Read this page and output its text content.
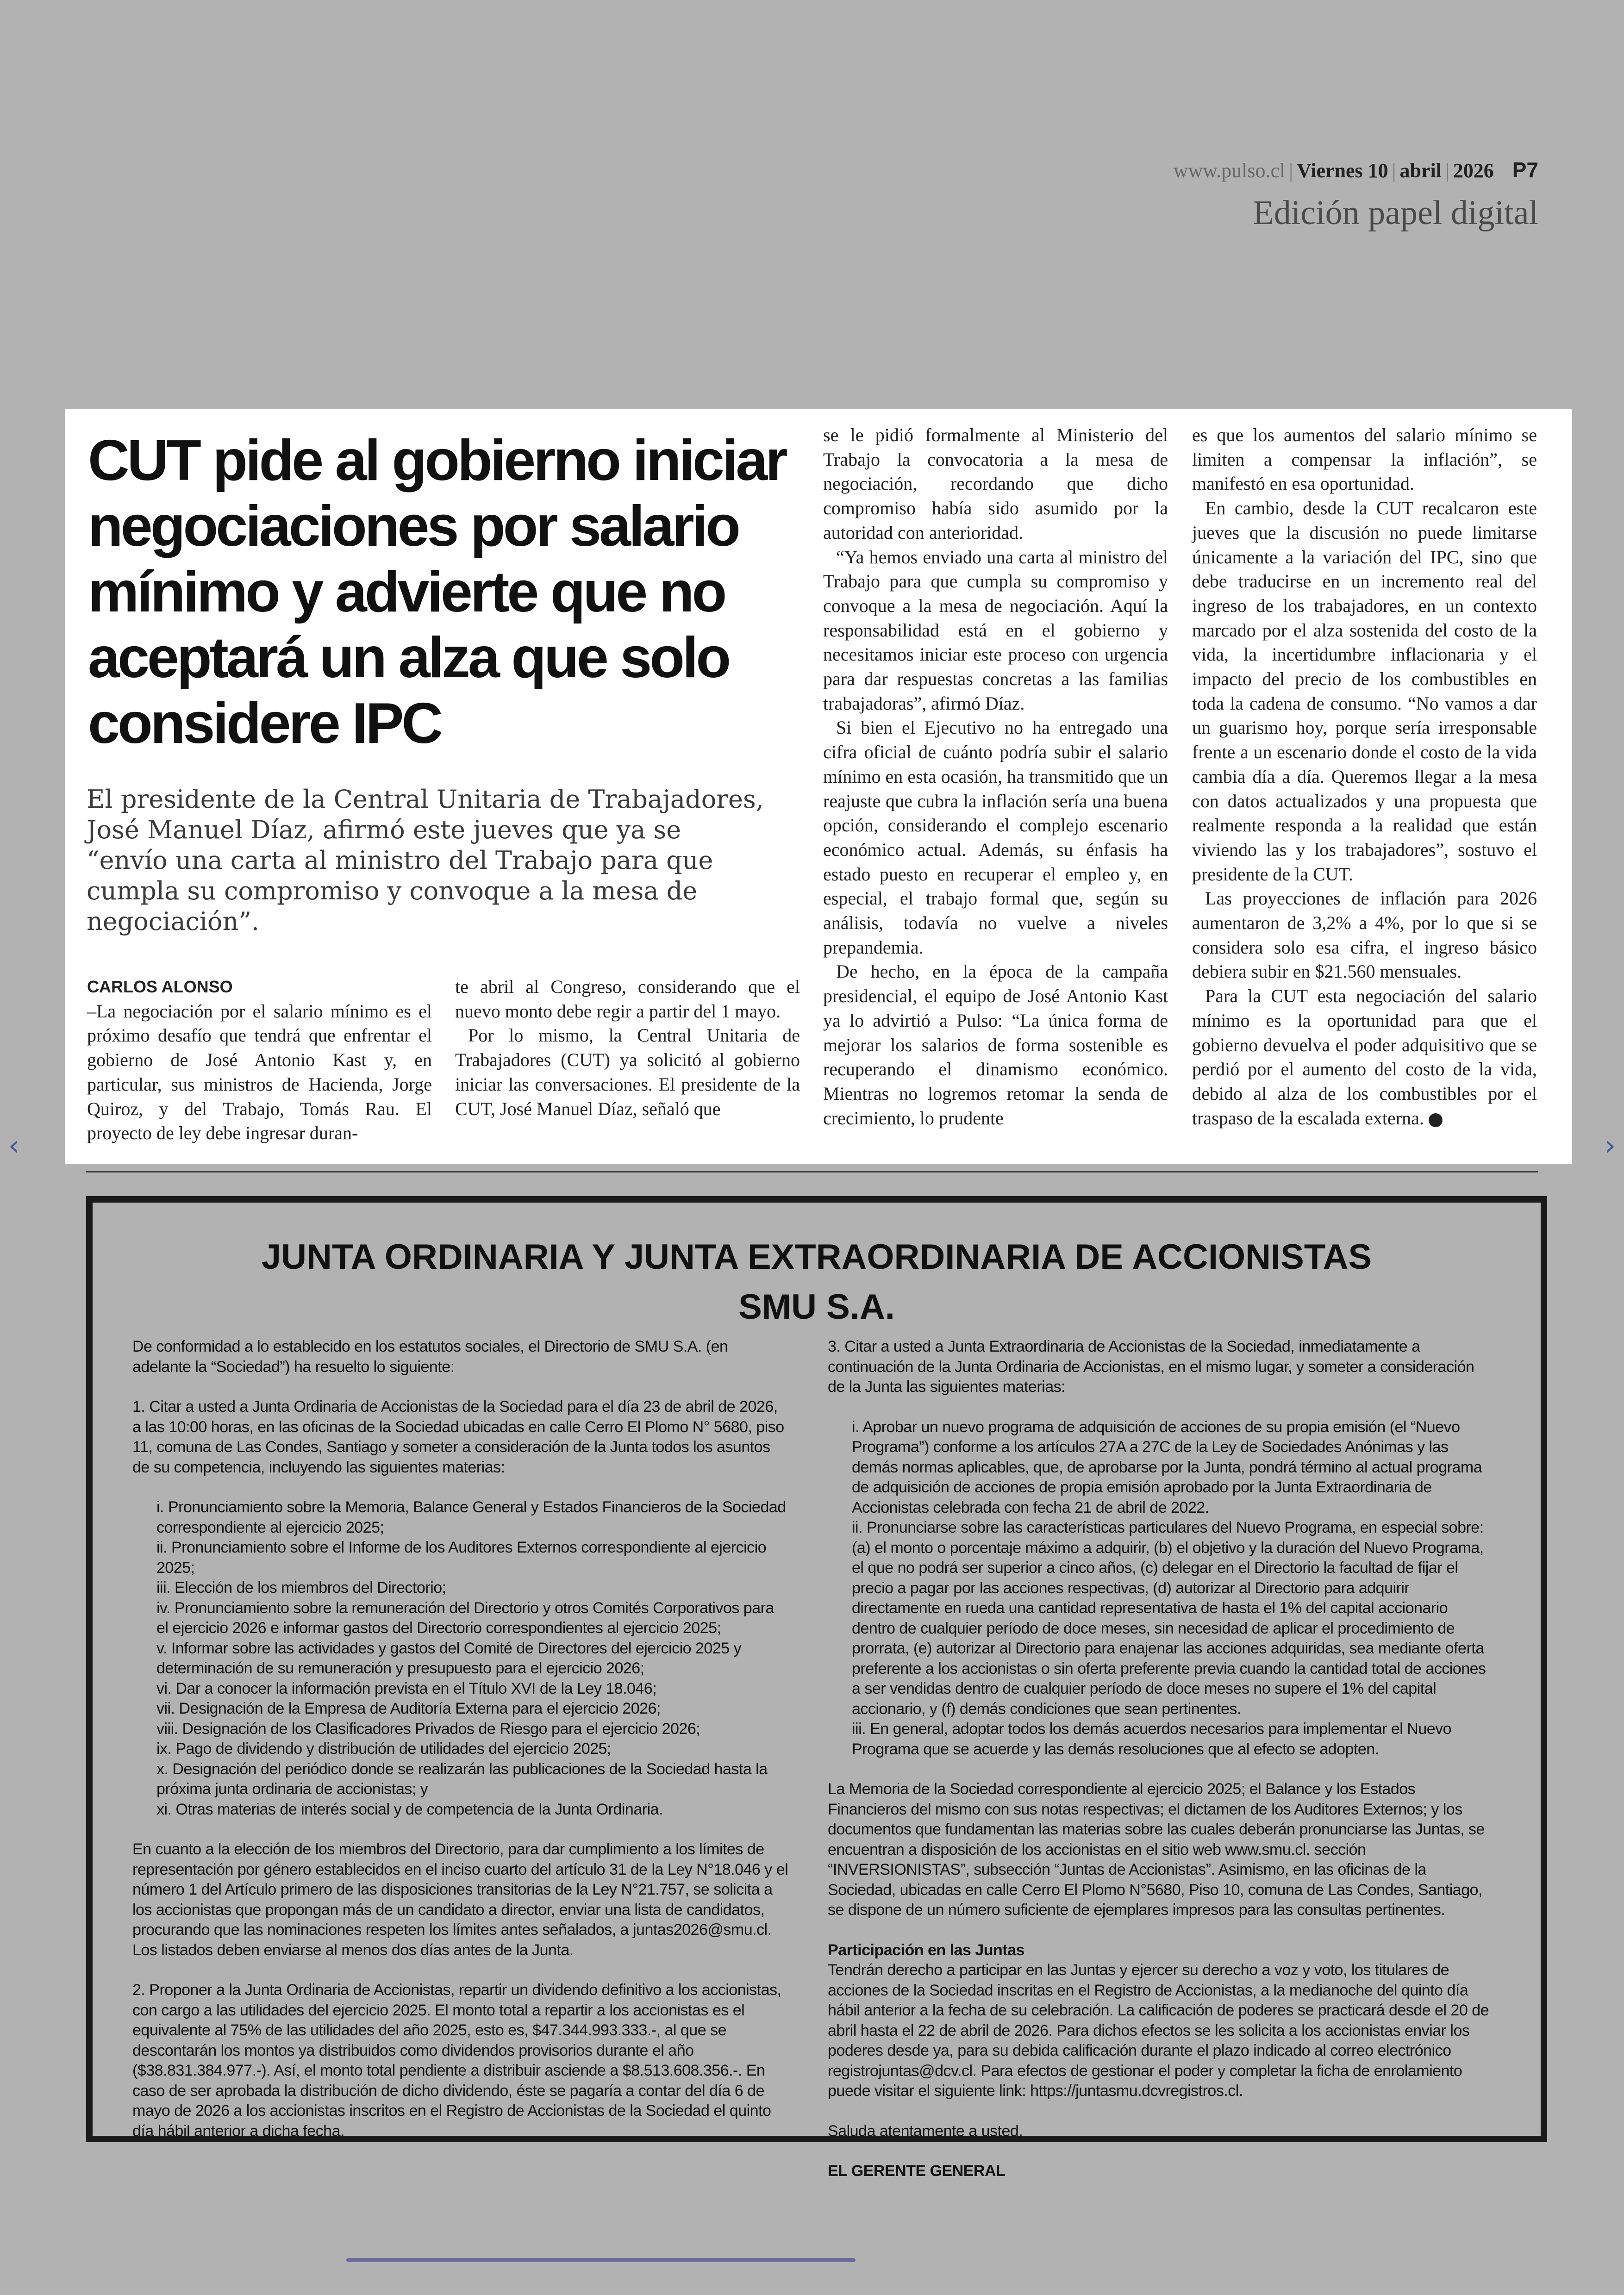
www.pulso.cl | Viernes 10 | abril | 2026 P7
Edición papel digital
CUT pide al gobierno iniciar negociaciones por salario mínimo y advierte que no aceptará un alza que solo considere IPC

El presidente de la Central Unitaria de Trabajadores, José Manuel Díaz, afirmó este jueves que ya se “envío una carta al ministro del Trabajo para que cumpla su compromiso y convoque a la mesa de negociación”.

CARLOS ALONSO

–La negociación por el salario mínimo es el próximo desafío que tendrá que enfrentar el gobierno de José Antonio Kast y, en particular, sus ministros de Hacienda, Jorge Quiroz, y del Trabajo, Tomás Rau. El proyecto de ley debe ingresar duran-

te abril al Congreso, considerando que el nuevo monto debe regir a partir del 1 mayo.

Por lo mismo, la Central Unitaria de Trabajadores (CUT) ya solicitó al gobierno iniciar las conversaciones. El presidente de la CUT, José Manuel Díaz, señaló que

se le pidió formalmente al Ministerio del Trabajo la convocatoria a la mesa de negociación, recordando que dicho compromiso había sido asumido por la autoridad con anterioridad.

“Ya hemos enviado una carta al ministro del Trabajo para que cumpla su compromiso y convoque a la mesa de negociación. Aquí la responsabilidad está en el gobierno y necesitamos iniciar este proceso con urgencia para dar respuestas concretas a las familias trabajadoras”, afirmó Díaz.

Si bien el Ejecutivo no ha entregado una cifra oficial de cuánto podría subir el salario mínimo en esta ocasión, ha transmitido que un reajuste que cubra la inflación sería una buena opción, considerando el complejo escenario económico actual. Además, su énfasis ha estado puesto en recuperar el empleo y, en especial, el trabajo formal que, según su análisis, todavía no vuelve a niveles prepandemia.

De hecho, en la época de la campaña presidencial, el equipo de José Antonio Kast ya lo advirtió a Pulso: “La única forma de mejorar los salarios de forma sostenible es recuperando el dinamismo económico. Mientras no logremos retomar la senda de crecimiento, lo prudente

es que los aumentos del salario mínimo se limiten a compensar la inflación”, se manifestó en esa oportunidad.

En cambio, desde la CUT recalcaron este jueves que la discusión no puede limitarse únicamente a la variación del IPC, sino que debe traducirse en un incremento real del ingreso de los trabajadores, en un contexto marcado por el alza sostenida del costo de la vida, la incertidumbre inflacionaria y el impacto del precio de los combustibles en toda la cadena de consumo. “No vamos a dar un guarismo hoy, porque sería irresponsable frente a un escenario donde el costo de la vida cambia día a día. Queremos llegar a la mesa con datos actualizados y una propuesta que realmente responda a la realidad que están viviendo las y los trabajadores”, sostuvo el presidente de la CUT.

Las proyecciones de inflación para 2026 aumentaron de 3,2% a 4%, por lo que si se considera solo esa cifra, el ingreso básico debiera subir en $21.560 mensuales.

Para la CUT esta negociación del salario mínimo es la oportunidad para que el gobierno devuelva el poder adquisitivo que se perdió por el aumento del costo de la vida, debido al alza de los combustibles por el traspaso de la escalada externa. P

JUNTA ORDINARIA Y JUNTA EXTRAORDINARIA DE ACCIONISTAS
SMU S.A.

De conformidad a lo establecido en los estatutos sociales, el Directorio de SMU S.A. (en adelante la “Sociedad”) ha resuelto lo siguiente:

1. Citar a usted a Junta Ordinaria de Accionistas de la Sociedad para el día 23 de abril de 2026, a las 10:00 horas, en las oficinas de la Sociedad ubicadas en calle Cerro El Plomo N° 5680, piso 11, comuna de Las Condes, Santiago y someter a consideración de la Junta todos los asuntos de su competencia, incluyendo las siguientes materias:

i. Pronunciamiento sobre la Memoria, Balance General y Estados Financieros de la Sociedad correspondiente al ejercicio 2025;
ii. Pronunciamiento sobre el Informe de los Auditores Externos correspondiente al ejercicio 2025;
iii. Elección de los miembros del Directorio;
iv. Pronunciamiento sobre la remuneración del Directorio y otros Comités Corporativos para el ejercicio 2026 e informar gastos del Directorio correspondientes al ejercicio 2025;
v. Informar sobre las actividades y gastos del Comité de Directores del ejercicio 2025 y determinación de su remuneración y presupuesto para el ejercicio 2026;
vi. Dar a conocer la información prevista en el Título XVI de la Ley 18.046;
vii. Designación de la Empresa de Auditoría Externa para el ejercicio 2026;
viii. Designación de los Clasificadores Privados de Riesgo para el ejercicio 2026;
ix. Pago de dividendo y distribución de utilidades del ejercicio 2025;
x. Designación del periódico donde se realizarán las publicaciones de la Sociedad hasta la próxima junta ordinaria de accionistas; y
xi. Otras materias de interés social y de competencia de la Junta Ordinaria.

En cuanto a la elección de los miembros del Directorio, para dar cumplimiento a los límites de representación por género establecidos en el inciso cuarto del artículo 31 de la Ley N°18.046 y el número 1 del Artículo primero de las disposiciones transitorias de la Ley N°21.757, se solicita a los accionistas que propongan más de un candidato a director, enviar una lista de candidatos, procurando que las nominaciones respeten los límites antes señalados, a juntas2026@smu.cl. Los listados deben enviarse al menos dos días antes de la Junta.

2. Proponer a la Junta Ordinaria de Accionistas, repartir un dividendo definitivo a los accionistas, con cargo a las utilidades del ejercicio 2025. El monto total a repartir a los accionistas es el equivalente al 75% de las utilidades del año 2025, esto es, $47.344.993.333.-, al que se descontarán los montos ya distribuidos como dividendos provisorios durante el año ($38.831.384.977.-). Así, el monto total pendiente a distribuir asciende a $8.513.608.356.-. En caso de ser aprobada la distribución de dicho dividendo, éste se pagaría a contar del día 6 de mayo de 2026 a los accionistas inscritos en el Registro de Accionistas de la Sociedad el quinto día hábil anterior a dicha fecha.

3. Citar a usted a Junta Extraordinaria de Accionistas de la Sociedad, inmediatamente a continuación de la Junta Ordinaria de Accionistas, en el mismo lugar, y someter a consideración de la Junta las siguientes materias:

i. Aprobar un nuevo programa de adquisición de acciones de su propia emisión (el “Nuevo Programa”) conforme a los artículos 27A a 27C de la Ley de Sociedades Anónimas y las demás normas aplicables, que, de aprobarse por la Junta, pondrá término al actual programa de adquisición de acciones de propia emisión aprobado por la Junta Extraordinaria de Accionistas celebrada con fecha 21 de abril de 2022.
ii. Pronunciarse sobre las características particulares del Nuevo Programa, en especial sobre: (a) el monto o porcentaje máximo a adquirir, (b) el objetivo y la duración del Nuevo Programa, el que no podrá ser superior a cinco años, (c) delegar en el Directorio la facultad de fijar el precio a pagar por las acciones respectivas, (d) autorizar al Directorio para adquirir directamente en rueda una cantidad representativa de hasta el 1% del capital accionario dentro de cualquier período de doce meses, sin necesidad de aplicar el procedimiento de prorrata, (e) autorizar al Directorio para enajenar las acciones adquiridas, sea mediante oferta preferente a los accionistas o sin oferta preferente previa cuando la cantidad total de acciones a ser vendidas dentro de cualquier período de doce meses no supere el 1% del capital accionario, y (f) demás condiciones que sean pertinentes.
iii. En general, adoptar todos los demás acuerdos necesarios para implementar el Nuevo Programa que se acuerde y las demás resoluciones que al efecto se adopten.

La Memoria de la Sociedad correspondiente al ejercicio 2025; el Balance y los Estados Financieros del mismo con sus notas respectivas; el dictamen de los Auditores Externos; y los documentos que fundamentan las materias sobre las cuales deberán pronunciarse las Juntas, se encuentran a disposición de los accionistas en el sitio web www.smu.cl. sección “INVERSIONISTAS”, subsección “Juntas de Accionistas”. Asimismo, en las oficinas de la Sociedad, ubicadas en calle Cerro El Plomo N°5680, Piso 10, comuna de Las Condes, Santiago, se dispone de un número suficiente de ejemplares impresos para las consultas pertinentes.

Participación en las Juntas

Tendrán derecho a participar en las Juntas y ejercer su derecho a voz y voto, los titulares de acciones de la Sociedad inscritas en el Registro de Accionistas, a la medianoche del quinto día hábil anterior a la fecha de su celebración. La calificación de poderes se practicará desde el 20 de abril hasta el 22 de abril de 2026. Para dichos efectos se les solicita a los accionistas enviar los poderes desde ya, para su debida calificación durante el plazo indicado al correo electrónico registrojuntas@dcv.cl. Para efectos de gestionar el poder y completar la ficha de enrolamiento puede visitar el siguiente link: https://juntasmu.dcvregistros.cl.

Saluda atentamente a usted,

EL GERENTE GENERAL
‹	›
